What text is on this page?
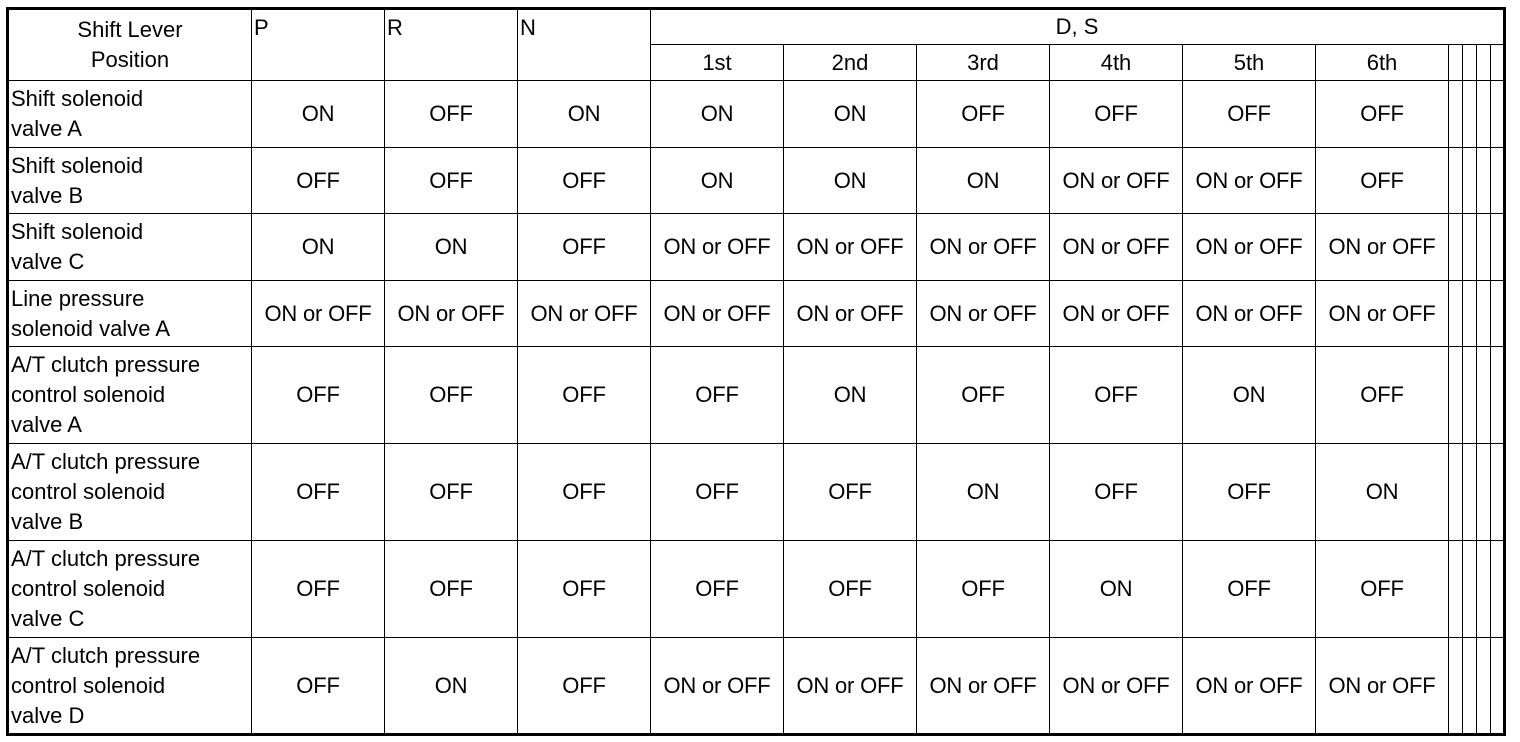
Shift Lever
Position	P	R	N	D, S									
				1st	2nd	3rd	4th	5th	6th				

Shift solenoid
valve A	ON	OFF	ON	ON	ON	OFF	OFF	OFF	OFF				

Shift solenoid
valve B	OFF	OFF	OFF	ON	ON	ON	ON or OFF	ON or OFF	OFF				

Shift solenoid
valve C	ON	ON	OFF	ON or OFF	ON or OFF	ON or OFF	ON or OFF	ON or OFF	ON or OFF				

Line pressure
solenoid valve A	ON or OFF	ON or OFF	ON or OFF	ON or OFF	ON or OFF	ON or OFF	ON or OFF	ON or OFF	ON or OFF				

A/T clutch pressure
control solenoid
valve A	OFF	OFF	OFF	OFF	ON	OFF	OFF	ON	OFF				

A/T clutch pressure
control solenoid
valve B	OFF	OFF	OFF	OFF	OFF	ON	OFF	OFF	ON				

A/T clutch pressure
control solenoid
valve C	OFF	OFF	OFF	OFF	OFF	OFF	ON	OFF	OFF				

A/T clutch pressure
control solenoid
valve D	OFF	ON	OFF	ON or OFF	ON or OFF	ON or OFF	ON or OFF	ON or OFF	ON or OFF				
